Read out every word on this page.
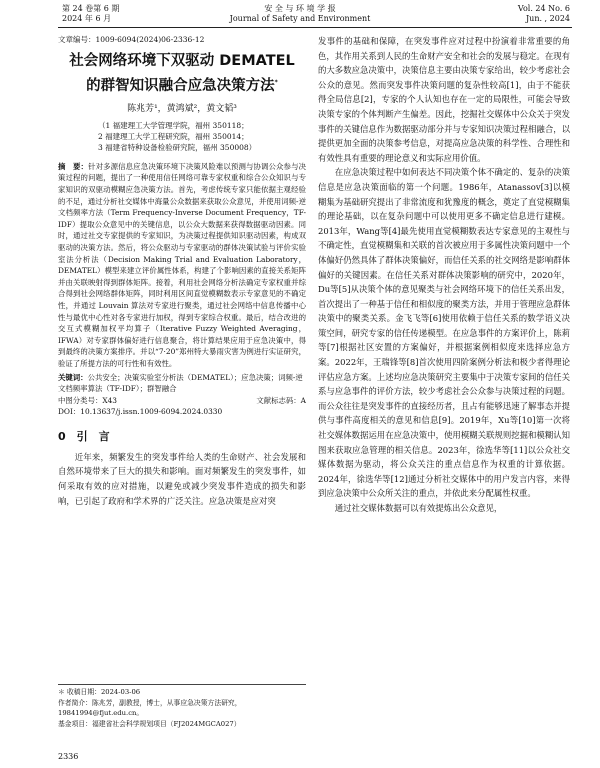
第 24 卷第 6 期
2024 年 6 月
安 全 与 环 境 学 报
Journal of Safety and Environment
Vol. 24 No. 6
Jun. , 2024
文章编号：1009-6094(2024)06-2336-12
社会网络环境下双驱动 DEMATEL
的群智知识融合应急决策方法*
陈兆芳¹，黄鸿斌²，黄文韬³
（1 福建理工大学管理学院，福州 350118；
2 福建理工大学工程研究院，福州 350014；
3 福建省特种设备检验研究院，福州 350008）
摘　要：针对多源信息应急决策环境下决策风险难以预测与协调公众参与决策过程的问题，提出了一种使用信任网络可靠专家权重和综合公众知识与专家知识的双驱动模糊应急决策方法。首先，考虑传统专家只能依据主观经验的不足，通过分析社交媒体中海量公众数据来获取公众意见，并使用词频-逆文档频率方法（Term Frequency-Inverse Document Frequency，TF-IDF）提取公众意见中的关键信息，以公众大数据来获得数据驱动因素。同时，通过社交专家提供的专家知识，为决策过程提供知识驱动因素，构成双驱动的决策方法。然后，将公众驱动与专家驱动的群体决策试验与评价实验室法分析法（Decision Making Trial and Evaluation Laboratory，DEMATEL）模型来建立评价属性体系，构建了个影响因素的直接关系矩阵并由关联映射得到群体矩阵。接着，利用社会网络分析法确定专家权重并综合得到社会网络群体矩阵，同时利用区间直觉模糊数表示专家意见的不确定性，并通过 Louvain 算法对专家进行聚类，通过社会网络中信息传播中心性与最优中心性对各专家进行加权，得到专家综合权重。最后，结合改进的交互式模糊加权平均算子（Iterative Fuzzy Weighted Averaging，IFWA）对专家群体偏好进行信息聚合，将计算结果应用于应急决策中，得到最终的决策方案排序。并以“7·20”郑州特大暴雨灾害为例进行实证研究，验证了所提方法的可行性和有效性。
关键词：公共安全；决策实验室分析法（DEMATEL）；应急决策；词频-逆文档频率算法（TF-IDF）；群智融合
中图分类号：X43	文献标志码：A
DOI：10.13637/j.issn.1009-6094.2024.0330
0　引　言

近年来，频繁发生的突发事件给人类的生命财产、社会发展和自然环境带来了巨大的损失和影响。面对频繁发生的突发事件，如何采取有效的应对措施，以避免或减少突发事件造成的损失和影响，已引起了政府和学术界的广泛关注。应急决策是应对突

＊ 收稿日期：2024-03-06
作者简介：陈兆芳，副教授，博士，从事应急决策方法研究，19841994@fjut.edu.cn。
基金项目：福建省社会科学规划项目（FJ2024MGCA027）
2336

发事件的基础和保障，在突发事件应对过程中扮演着非常重要的角色，其作用关系到人民的生命财产安全和社会的发展与稳定。在现有的大多数应急决策中，决策信息主要由决策专家给出，较少考虑社会公众的意见。然而突发事件决策问题的复杂性较高[1]，由于不能获得全局信息[2]，专家的个人认知也存在一定的局限性，可能会导致决策专家的个体判断产生偏差。因此，挖掘社交媒体中公众关于突发事件的关键信息作为数据驱动部分并与专家知识决策过程相融合，以提供更加全面的决策参考信息，对提高应急决策的科学性、合理性和有效性具有重要的理论意义和实际应用价值。

在应急决策过程中如何表达不同决策个体不确定的、复杂的决策信息是应急决策面临的第一个问题。1986年，Atanassov[3]以模糊集为基础研究提出了非常流度和犹豫度的概念，奠定了直觉模糊集的理论基础，以在复杂问题中可以使用更多不确定信息进行建模。2013年，Wang等[4]最先使用直觉模糊数表达专家意见的主观性与不确定性，直觉模糊集和关联的首次被应用于多属性决策问题中一个体偏好仍然具体了群体决策偏好，而信任关系的社交网络是影响群体偏好的关键因素。在信任关系对群体决策影响的研究中，2020年，Du等[5]从决策个体的意见聚类与社会网络环境下的信任关系出发，首次提出了一种基于信任和相似度的聚类方法，并用于管理应急群体决策中的聚类关系。金飞飞等[6]使用依赖于信任关系的数学语义决策空间，研究专家的信任传递模型。在应急事件的方案评价上，陈莉等[7]根据社区安置的方案偏好，并根据案例相似度来选择应急方案。2022年，王瑞锋等[8]首次使用四阶案例分析法和极少者得理论评估应急方案。上述均应急决策研究主要集中于决策专家间的信任关系与应急事件的评价方法，较少考虑社会公众参与决策过程的问题。而公众往往是突发事件的直接经历者，且占有能够迅速了解事态并提供与事件高度相关的意见和信息[9]。2019年，Xu等[10]第一次将社交媒体数据运用在应急决策中，使用模糊关联规则挖掘和模糊认知图来获取应急管理的相关信息。2023年，徐选华等[11]以公众社交媒体数据为驱动，将公众关注的重点信息作为权重的计算依据。2024年，徐选华等[12]通过分析社交媒体中的用户发言内容，来得到应急决策中公众所关注的重点，并依此来分配属性权重。

通过社交媒体数据可以有效提炼出公众意见，
